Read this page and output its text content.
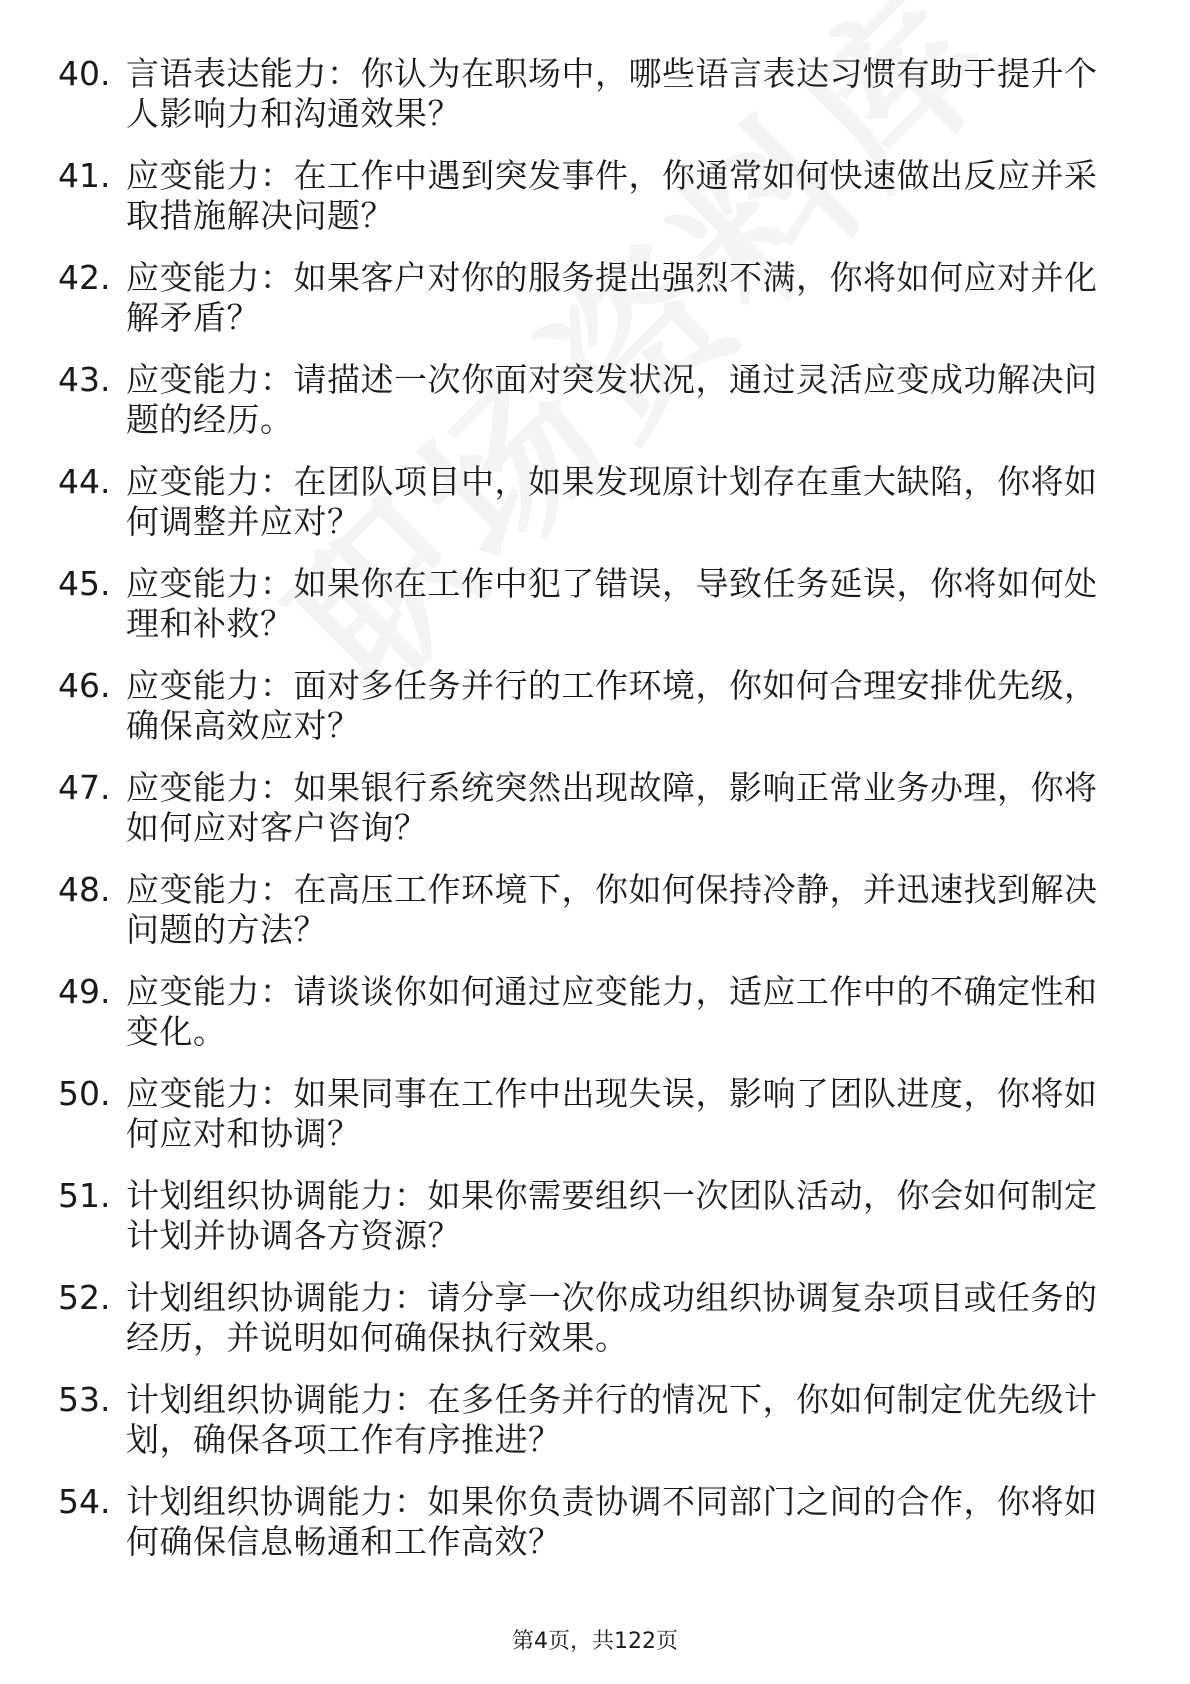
40. 言语表达能力：你认为在职场中，哪些语言表达习惯有助于提升个人影响力和沟通效果？
41. 应变能力：在工作中遇到突发事件，你通常如何快速做出反应并采取措施解决问题？
42. 应变能力：如果客户对你的服务提出强烈不满，你将如何应对并化解矛盾？
43. 应变能力：请描述一次你面对突发状况，通过灵活应变成功解决问题的经历。
44. 应变能力：在团队项目中，如果发现原计划存在重大缺陷，你将如何调整并应对？
45. 应变能力：如果你在工作中犯了错误，导致任务延误，你将如何处理和补救？
46. 应变能力：面对多任务并行的工作环境，你如何合理安排优先级，确保高效应对？
47. 应变能力：如果银行系统突然出现故障，影响正常业务办理，你将如何应对客户咨询？
48. 应变能力：在高压工作环境下，你如何保持冷静，并迅速找到解决问题的方法？
49. 应变能力：请谈谈你如何通过应变能力，适应工作中的不确定性和变化。
50. 应变能力：如果同事在工作中出现失误，影响了团队进度，你将如何应对和协调？
51. 计划组织协调能力：如果你需要组织一次团队活动，你会如何制定计划并协调各方资源？
52. 计划组织协调能力：请分享一次你成功组织协调复杂项目或任务的经历，并说明如何确保执行效果。
53. 计划组织协调能力：在多任务并行的情况下，你如何制定优先级计划，确保各项工作有序推进？
54. 计划组织协调能力：如果你负责协调不同部门之间的合作，你将如何确保信息畅通和工作高效？
第4页，共122页
